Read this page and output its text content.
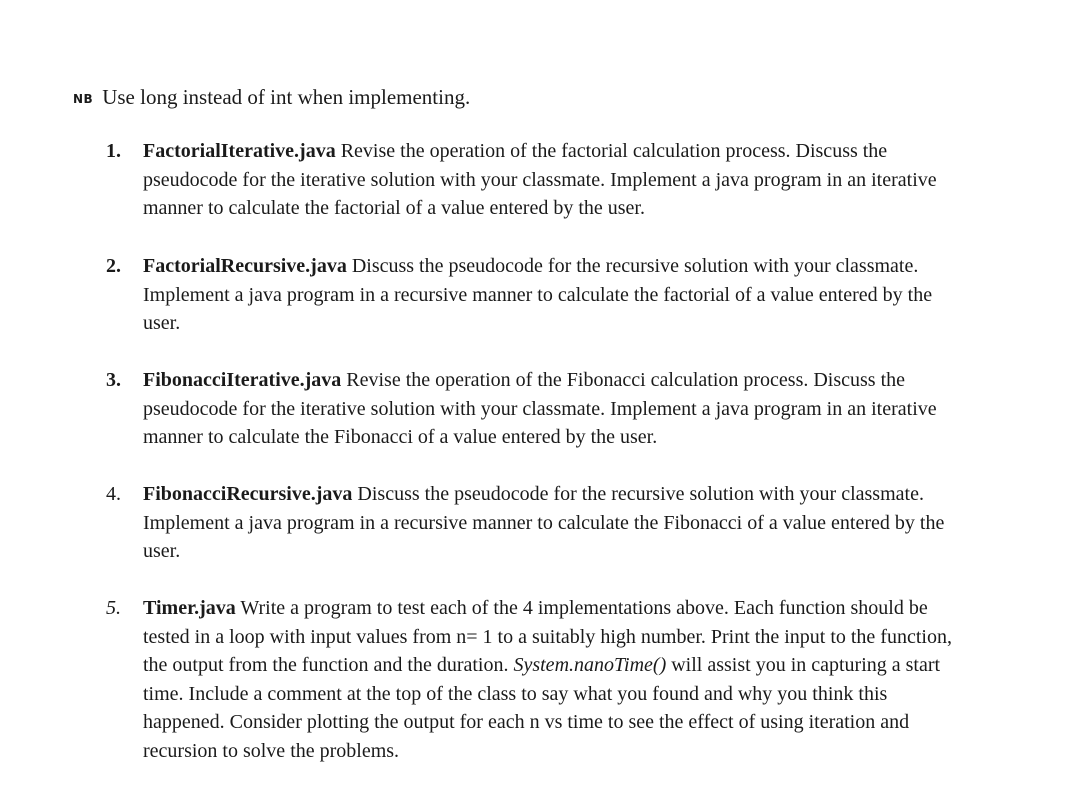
NB Use long instead of int when implementing.
1.	FactorialIterative.java Revise the operation of the factorial calculation process. Discuss the pseudocode for the iterative solution with your classmate. Implement a java program in an iterative manner to calculate the factorial of a value entered by the user.
2.	FactorialRecursive.java Discuss the pseudocode for the recursive solution with your classmate. Implement a java program in a recursive manner to calculate the factorial of a value entered by the user.
3.	FibonacciIterative.java Revise the operation of the Fibonacci calculation process. Discuss the pseudocode for the iterative solution with your classmate. Implement a java program in an iterative manner to calculate the Fibonacci of a value entered by the user.
4.	FibonacciRecursive.java Discuss the pseudocode for the recursive solution with your classmate. Implement a java program in a recursive manner to calculate the Fibonacci of a value entered by the user.
5.	Timer.java Write a program to test each of the 4 implementations above. Each function should be tested in a loop with input values from n= 1 to a suitably high number. Print the input to the function, the output from the function and the duration. System.nanoTime() will assist you in capturing a start time. Include a comment at the top of the class to say what you found and why you think this happened. Consider plotting the output for each n vs time to see the effect of using iteration and recursion to solve the problems.
